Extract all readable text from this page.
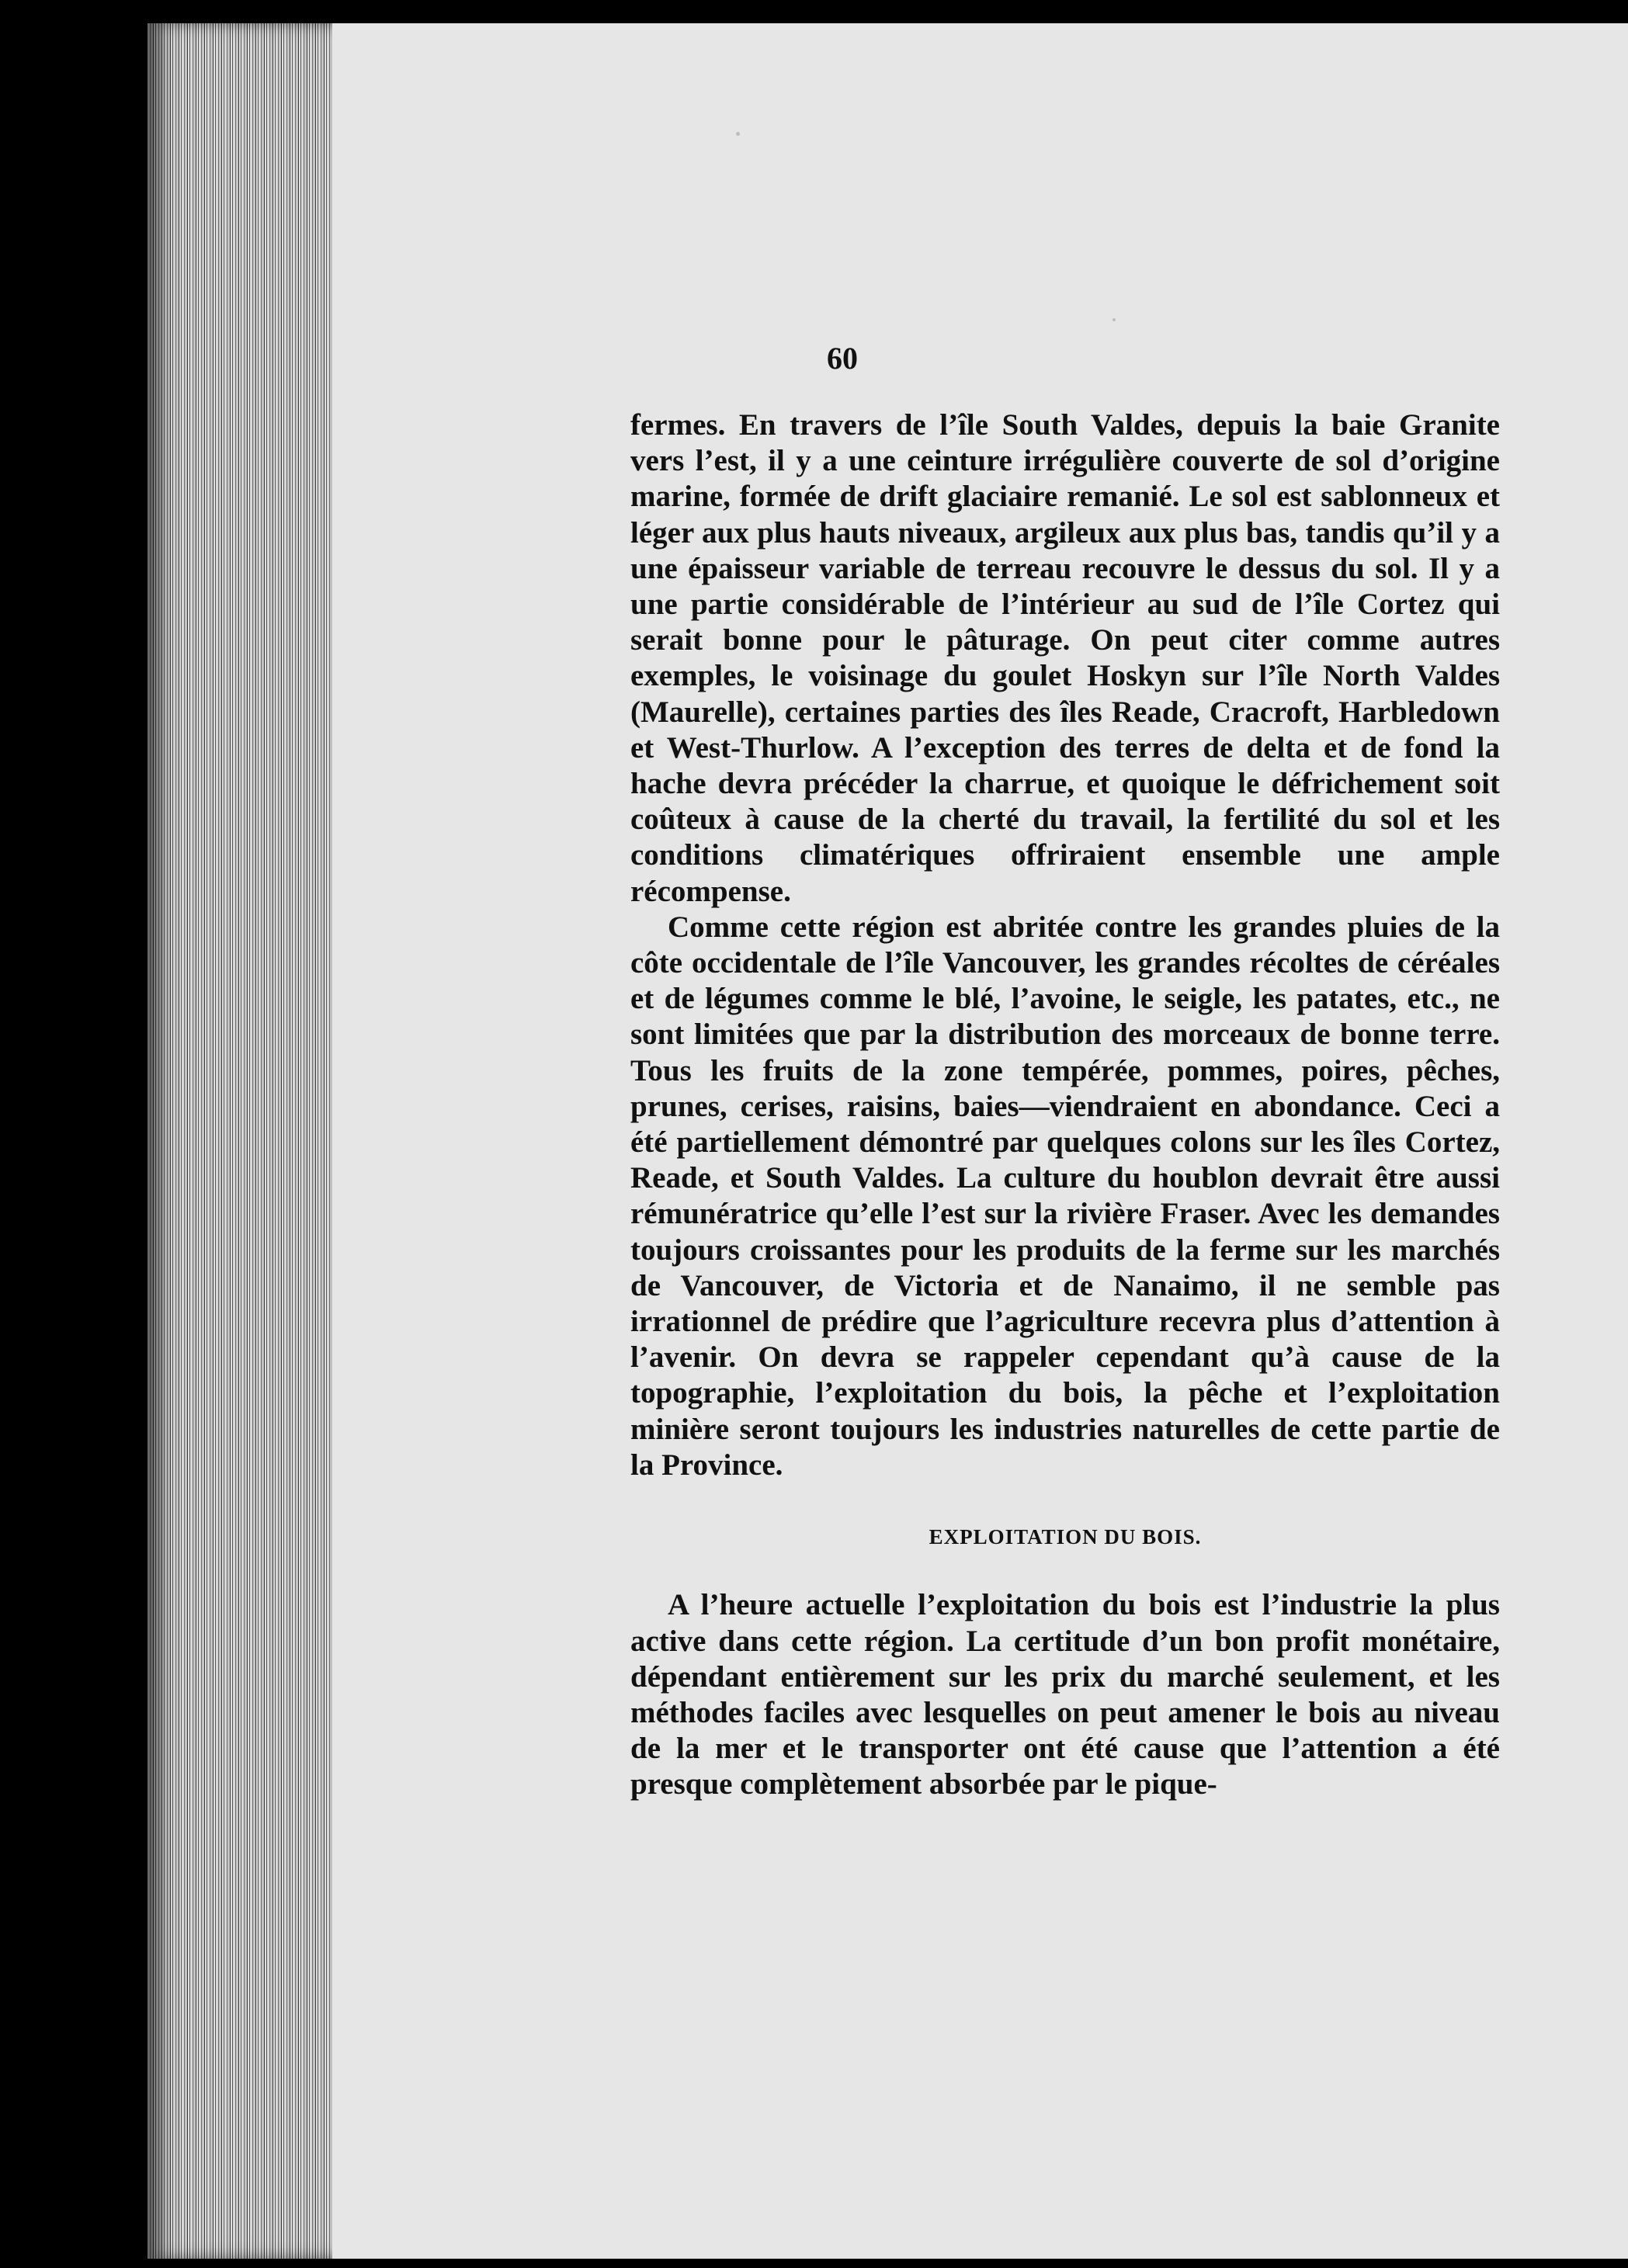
60

fermes. En travers de l’île South Valdes, depuis la baie Granite vers l’est, il y a une ceinture irrégulière couverte de sol d’origine marine, formée de drift glaciaire remanié. Le sol est sablonneux et léger aux plus hauts niveaux, argileux aux plus bas, tandis qu’il y a une épaisseur variable de terreau recouvre le dessus du sol. Il y a une partie considérable de l’intérieur au sud de l’île Cortez qui serait bonne pour le pâturage. On peut citer comme autres exemples, le voisinage du goulet Hoskyn sur l’île North Valdes (Maurelle), certaines parties des îles Reade, Cracroft, Harbledown et West-Thurlow. A l’exception des terres de delta et de fond la hache devra précéder la charrue, et quoique le défrichement soit coûteux à cause de la cherté du travail, la fertilité du sol et les conditions climatériques offriraient ensemble une ample récompense.

Comme cette région est abritée contre les grandes pluies de la côte occidentale de l’île Vancouver, les grandes récoltes de céréales et de légumes comme le blé, l’avoine, le seigle, les patates, etc., ne sont limitées que par la distribution des morceaux de bonne terre. Tous les fruits de la zone tempérée, pommes, poires, pêches, prunes, cerises, raisins, baies—viendraient en abondance. Ceci a été partiellement démontré par quelques colons sur les îles Cortez, Reade, et South Valdes. La culture du houblon devrait être aussi rémunératrice qu’elle l’est sur la rivière Fraser. Avec les demandes toujours croissantes pour les produits de la ferme sur les marchés de Vancouver, de Victoria et de Nanaimo, il ne semble pas irrationnel de prédire que l’agriculture recevra plus d’attention à l’avenir. On devra se rappeler cependant qu’à cause de la topographie, l’exploitation du bois, la pêche et l’exploitation minière seront toujours les industries naturelles de cette partie de la Province.

EXPLOITATION DU BOIS.

A l’heure actuelle l’exploitation du bois est l’industrie la plus active dans cette région. La certitude d’un bon profit monétaire, dépendant entièrement sur les prix du marché seulement, et les méthodes faciles avec lesquelles on peut amener le bois au niveau de la mer et le transporter ont été cause que l’attention a été presque complètement absorbée par le pique-
